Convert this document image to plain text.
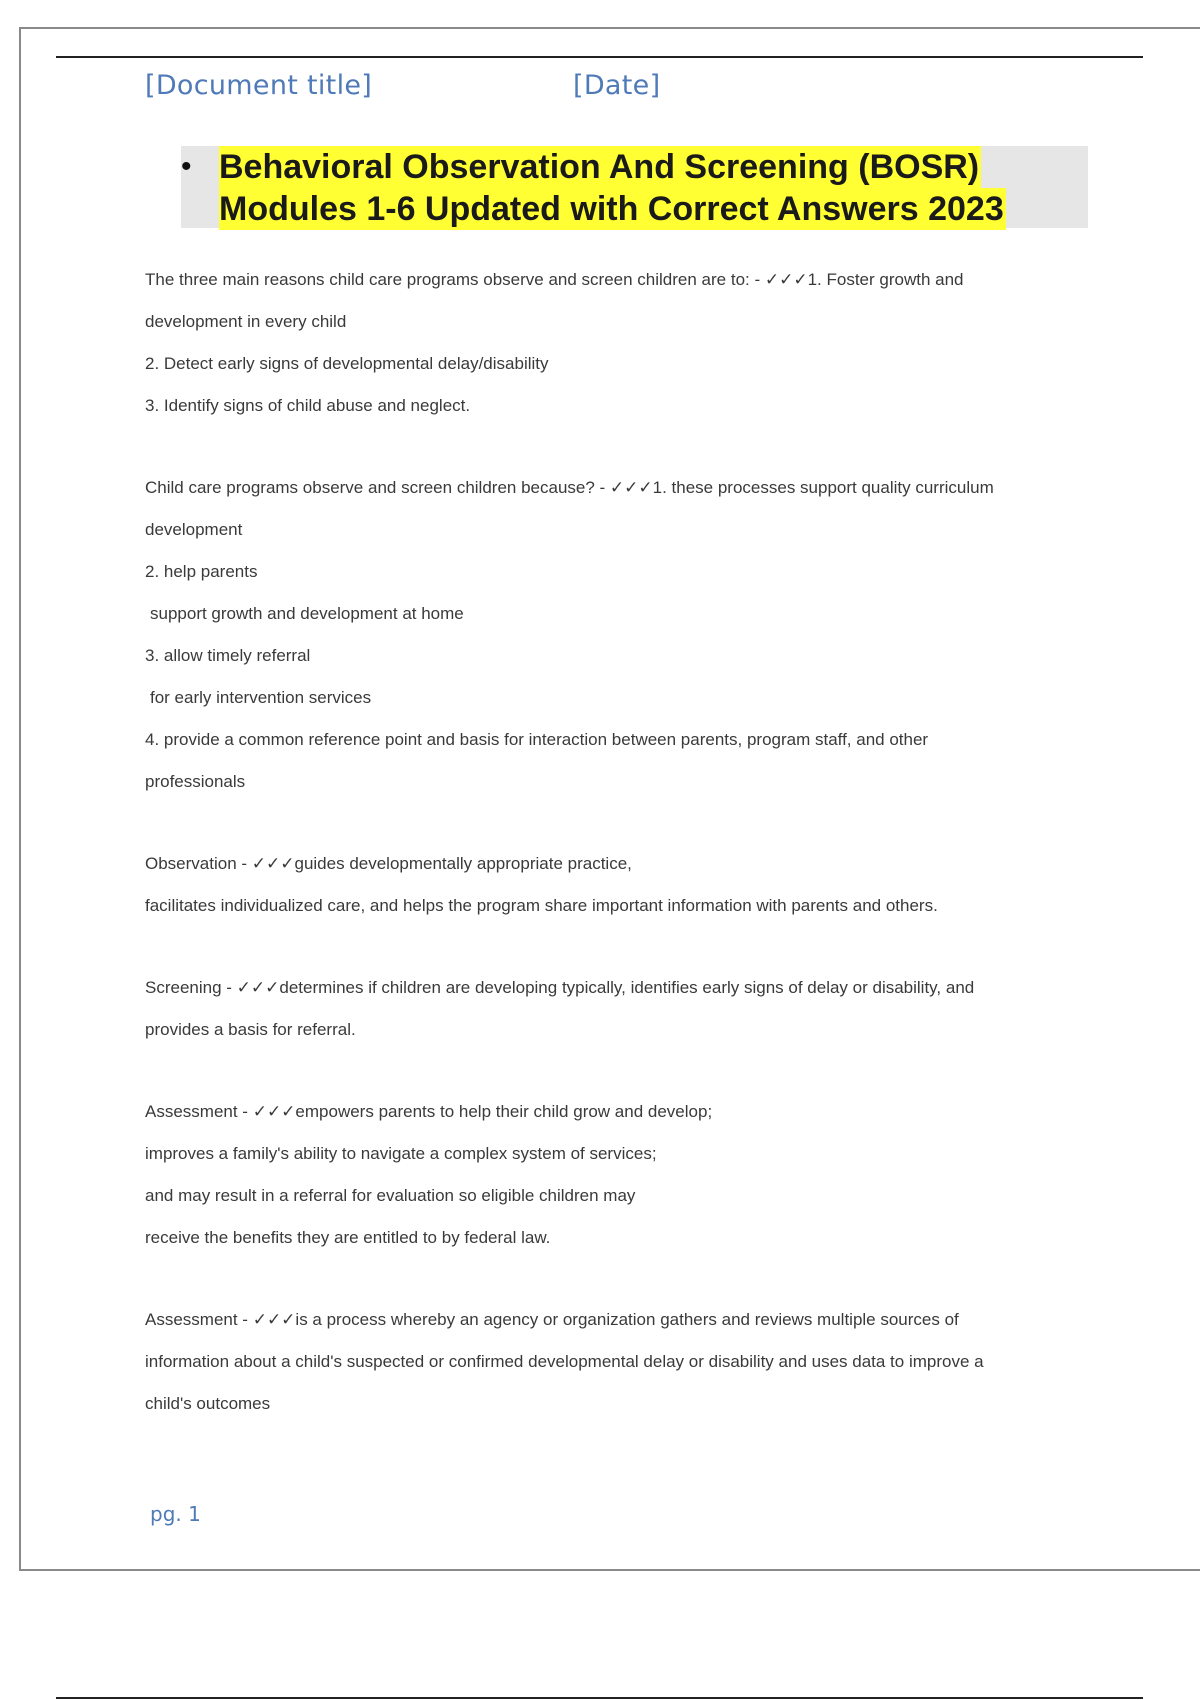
[Document title]	[Date]
• Behavioral Observation And Screening (BOSR)
Modules 1-6 Updated with Correct Answers 2023
The three main reasons child care programs observe and screen children are to: - ✓✓✓1. Foster growth and
development in every child
2. Detect early signs of developmental delay/disability
3. Identify signs of child abuse and neglect.
Child care programs observe and screen children because? - ✓✓✓1. these processes support quality curriculum
development
2. help parents
support growth and development at home
3. allow timely referral
for early intervention services
4. provide a common reference point and basis for interaction between parents, program staff, and other
professionals
Observation - ✓✓✓guides developmentally appropriate practice,
facilitates individualized care, and helps the program share important information with parents and others.
Screening - ✓✓✓determines if children are developing typically, identifies early signs of delay or disability, and
provides a basis for referral.
Assessment - ✓✓✓empowers parents to help their child grow and develop;
improves a family's ability to navigate a complex system of services;
and may result in a referral for evaluation so eligible children may
receive the benefits they are entitled to by federal law.
Assessment - ✓✓✓is a process whereby an agency or organization gathers and reviews multiple sources of
information about a child's suspected or confirmed developmental delay or disability and uses data to improve a
child's outcomes
pg. 1
